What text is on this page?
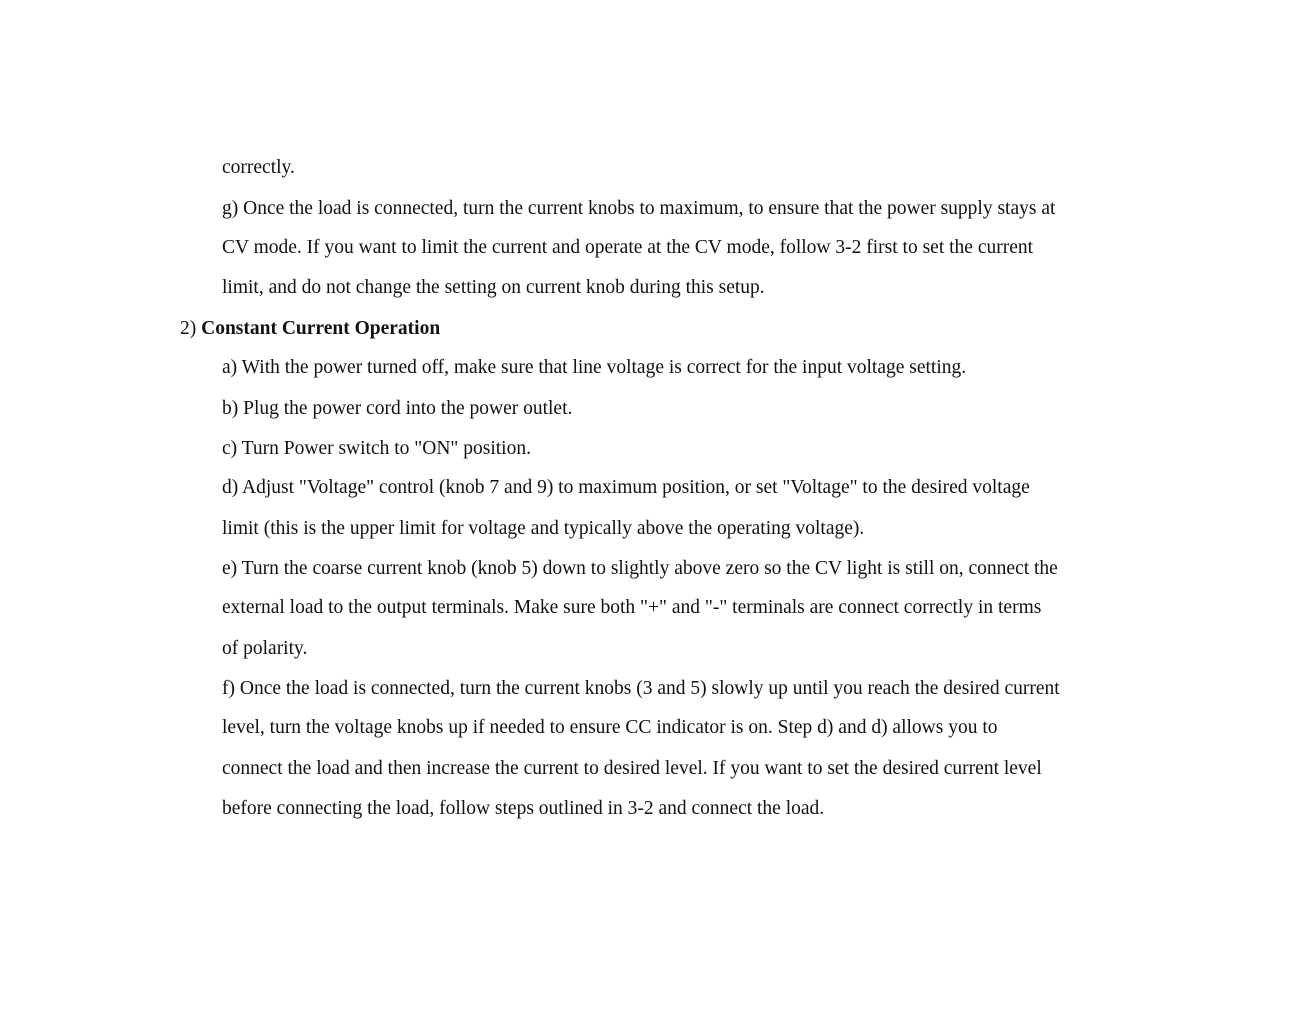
correctly.
g) Once the load is connected, turn the current knobs to maximum, to ensure that the power supply stays at
CV mode. If you want to limit the current and operate at the CV mode, follow 3-2 first to set the current
limit, and do not change the setting on current knob during this setup.
2) Constant Current Operation
a) With the power turned off, make sure that line voltage is correct for the input voltage setting.
b) Plug the power cord into the power outlet.
c) Turn Power switch to "ON" position.
d) Adjust "Voltage" control (knob 7 and 9) to maximum position, or set "Voltage" to the desired voltage
limit (this is the upper limit for voltage and typically above the operating voltage).
e) Turn the coarse current knob (knob 5) down to slightly above zero so the CV light is still on, connect the
external load to the output terminals. Make sure both "+" and "-" terminals are connect correctly in terms
of polarity.
f) Once the load is connected, turn the current knobs (3 and 5) slowly up until you reach the desired current
level, turn the voltage knobs up if needed to ensure CC indicator is on. Step d) and d) allows you to
connect the load and then increase the current to desired level. If you want to set the desired current level
before connecting the load, follow steps outlined in 3-2 and connect the load.
